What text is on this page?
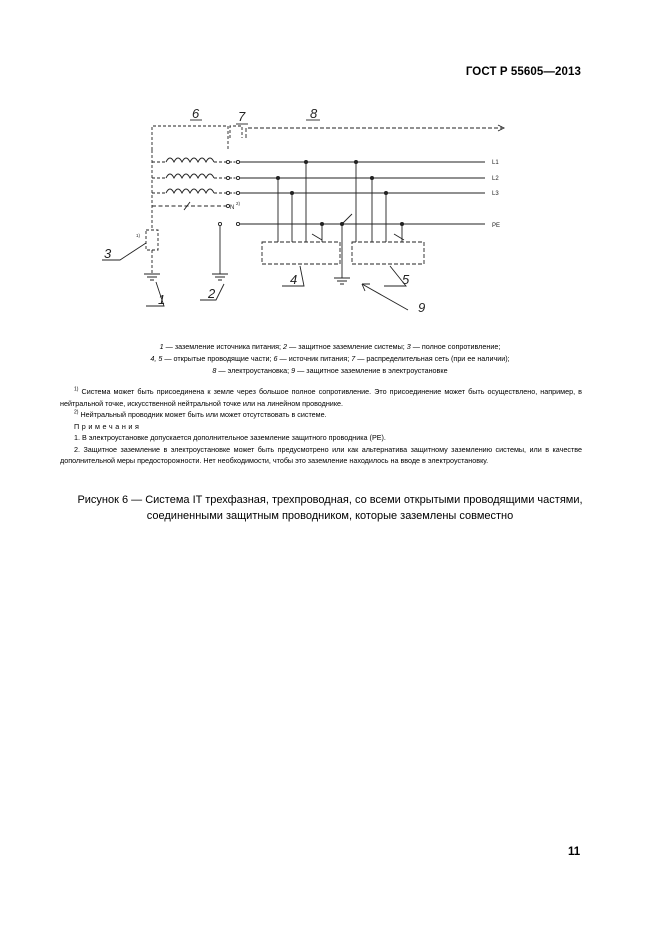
ГОСТ Р 55605—2013
6	7	8
N
2)
L1
L2
L3
PE
1)
3
1	2
4	5
9
1 — заземление источника питания; 2 — защитное заземление системы; 3 — полное сопротивление;
4, 5 — открытые проводящие части; 6 — источник питания; 7 — распределительная сеть (при ее наличии);
8 — электроустановка; 9 — защитное заземление в электроустановке

$^{1)}$ Система может быть присоединена к земле через большое полное сопротивление. Это присоединение может быть осуществлено, например, в нейтральной точке, искусственной нейтральной точке или на линейном проводнике.

$^{2)}$ Нейтральный проводник может быть или может отсутствовать в системе.

Примечания

1. В электроустановке допускается дополнительное заземление защитного проводника (РЕ).

2. Защитное заземление в электроустановке может быть предусмотрено или как альтернатива защитному заземлению системы, или в качестве дополнительной меры предосторожности. Нет необходимости, чтобы это заземление находилось на вводе в электроустановку.

Рисунок 6 — Система IT трехфазная, трехпроводная, со всеми открытыми проводящими частями,
соединенными защитным проводником, которые заземлены совместно
11
